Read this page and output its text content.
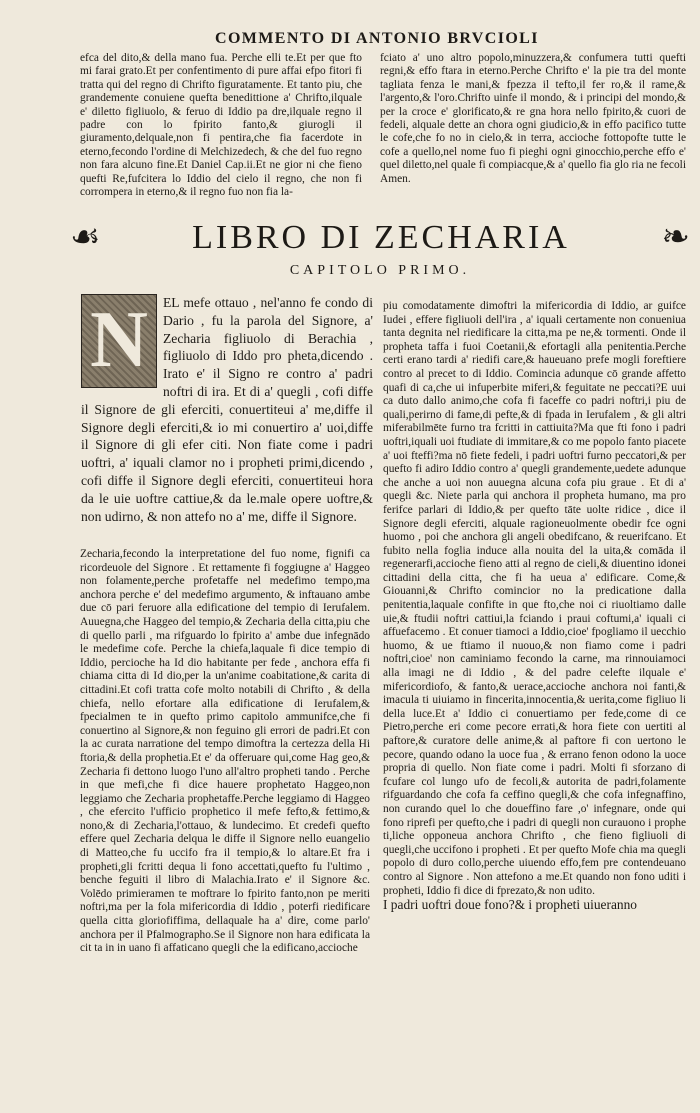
COMMENTO DI ANTONIO BRVCIOLI

efca del dito,& della mano fua. Perche elli te.Et per que fto mi farai grato.Et per confentimento di pure affai efpo fitori fi tratta qui del regno di Chrifto figuratamente. Et tanto piu, che grandemente conuiene quefta benedittione a' Chrifto,ilquale e' diletto figliuolo, & feruo di Iddio pa dre,ilquale regno il padre con lo fpirito fanto,& giurogli il giuramento,delquale,non fi pentira,che fia facerdote in eterno,fecondo l'ordine di Melchizedech, & che del fuo regno non fara alcuno fine.Et Daniel Cap.ii.Et ne gior ni che fieno quefti Re,fufcitera lo Iddio del cielo il regno, che non fi corrompera in eterno,& il regno fuo non fia la-

fciato a' uno altro popolo,minuzzera,& confumera tutti quefti regni,& effo ftara in eterno.Perche Chrifto e' la pie tra del monte tagliata fenza le mani,& fpezza il tefto,il fer ro,& il rame,& l'argento,& l'oro.Chrifto uinfe il mondo, & i principi del mondo,& per la croce e' glorificato,& re gna hora nello fpirito,& cuori de fedeli, alquale dette an chora ogni giudicio,& in effo pacifico tutte le cofe,che fo no in cielo,& in terra, accioche fottopofte tutte le cofe a quello,nel nome fuo fi pieghi ogni ginocchio,perche effo e' quel diletto,nel quale fi compiacque,& a' quello fia glo ria ne fecoli Amen.

☙	LIBRO DI ZECHARIA	❧
CAPITOLO PRIMO.
N	EL mefe ottauo , nel'anno fe condo di Dario , fu la parola del Signore, a' Zecharia figliuolo di Berachia , figliuolo di Iddo pro pheta,dicendo . Irato e' il Signo re contro a' padri noftri di ira. Et di a' quegli , cofi diffe il Signore de gli eferciti, conuertiteui a' me,diffe il Signore degli eferciti,& io mi conuertiro a' uoi,diffe il Signore di gli efer citi. Non fiate come i padri uoftri, a' iquali clamor no i propheti primi,dicendo , cofi diffe il Signore degli eferciti, conuertiteui hora da le uie uoftre cattiue,& da le.male opere uoftre,& non udirno, & non attefo no a' me, diffe il Signore.

Zecharia,fecondo la interpretatione del fuo nome, fignifi ca ricordeuole del Signore . Et rettamente fi foggiugne a' Haggeo non folamente,perche profetaffe nel medefimo tempo,ma anchora perche e' del medefimo argumento, & inftauano ambe due cō pari feruore alla edificatione del tempio di Ierufalem. Auuegna,che Haggeo del tempio,& Zecharia della citta,piu che di quello parli , ma rifguardo lo fpirito a' ambe due infegnādo le medefime cofe. Perche la chiefa,laquale fi dice tempio di Iddio, percioche ha Id dio habitante per fede , anchora effa fi chiama citta di Id dio,per la un'anime coabitatione,& carita di cittadini.Et cofi tratta cofe molto notabili di Chrifto , & della chiefa, nello efortare alla edificatione di Ierufalem,& fpecialmen te in quefto primo capitolo ammunifce,che fi conuertino al Signore,& non feguino gli errori de padri.Et con la ac curata narratione del tempo dimoftra la certezza della Hi ftoria,& della prophetia.Et e' da offeruare qui,come Hag geo,& Zecharia fi dettono luogo l'uno all'altro propheti tando . Perche in que mefi,che fi dice hauere prophetato Haggeo,non leggiamo che Zecharia prophetaffe.Perche leggiamo di Haggeo , che efercito l'ufficio prophetico il mefe fefto,& fettimo,& nono,& di Zecharia,l'ottauo, & lundecimo. Et credefi quefto effere quel Zecharia delqua le diffe il Signore nello euangelio di Matteo,che fu uccifo fra il tempio,& lo altare.Et fra i propheti,gli fcritti dequa li fono accettati,quefto fu l'ultimo , benche feguiti il libro di Malachia.Irato e' il Signore &c. Volēdo primieramen te moftrare lo fpirito fanto,non pe meriti noftri,ma per la fola mifericordia di Iddio , poterfi riedificare quella citta gloriofiffima, dellaquale ha a' dire, come parlo' anchora per il Pfalmographo.Se il Signore non hara edificata la cit ta in in uano fi affaticano quegli che la edificano,accioche

piu comodatamente dimoftri la mifericordia di Iddio, ar guifce Iudei , effere figliuoli dell'ira , a' iquali certamente non conueniua tanta degnita nel riedificare la citta,ma pe ne,& tormenti. Onde il propheta taffa i fuoi Coetanii,& efortagli alla penitentia.Perche certi erano tardi a' riedifi care,& haueuano prefe mogli foreftiere contro al precet to di Iddio. Comincia adunque cō grande affetto quafi di ca,che ui infuperbite miferi,& feguitate ne peccati?E uui ca duto dallo animo,che cofa fi faceffe co padri noftri,i piu de quali,perirno di fame,di pefte,& di fpada in Ierufalem , & gli altri miferabilmēte furno tra fcritti in cattiuita?Ma que fti fono i padri uoftri,iquali uoi ftudiate di immitare,& co me popolo fanto piacete a' uoi fteffi?ma nō fiete fedeli, i padri uoftri furno peccatori,& per quefto fi adiro Iddio contro a' quegli grandemente,uedete adunque che anche a uoi non auuegna alcuna cofa piu graue . Et di a' quegli &c. Niete parla qui anchora il propheta humano, ma pro ferifce parlari di Iddio,& per quefto tāte uolte ridice , dice il Signore degli eferciti, alquale ragioneuolmente obedir fce ogni huomo , poi che anchora gli angeli obedifcano, & reuerifcano. Et fubito nella foglia induce alla nouita del la uita,& comāda il regenerarfi,accioche fieno atti al regno de cieli,& diuentino idonei cittadini della citta, che fi ha ueua a' edificare. Come,& Giouanni,& Chrifto comincior no la predicatione dalla penitentia,laquale confifte in que fto,che noi ci riuoltiamo dalle uie,& ftudii noftri cattiui,la fciando i praui coftumi,a' iquali ci affuefacemo . Et conuer tiamoci a Iddio,cioe' fpogliamo il uecchio huomo, & ue ftiamo il nuouo,& non fiamo come i padri noftri,cioe' non caminiamo fecondo la carne, ma rinnouiamoci alla imagi ne di Iddio , & del padre celefte ilquale e' mifericordiofo, & fanto,& uerace,accioche anchora noi fanti,& imacula ti uiuiamo in fincerita,innocentia,& uerita,come figliuo li della luce.Et a' Iddio ci conuertiamo per fede,come di ce Pietro,perche eri come pecore errati,& hora fiete con uertiti al paftore,& curatore delle anime,& al paftore fi con uertono le pecore, quando odano la uoce fua , & errano fenon odono la uoce propria di quello. Non fiate come i padri. Molti fi sforzano di fcufare col lungo ufo de fecoli,& autorita de padri,folamente rifguardando che cofa fa ceffino quegli,& che cofa infegnaffino, non curando quel lo che doueffino fare ,o' infegnare, onde qui fono riprefi per quefto,che i padri di quegli non curauono i prophe ti,liche opponeua anchora Chrifto , che fieno figliuoli di quegli,che uccifono i propheti . Et per quefto Mofe chia ma quegli popolo di duro collo,perche uiuendo effo,fem pre contendeuano contro al Signore . Non attefono a me.Et quando non fono uditi i propheti, Iddio fi dice di fprezato,& non udito.

I padri uoftri doue fono?& i propheti uiueranno
